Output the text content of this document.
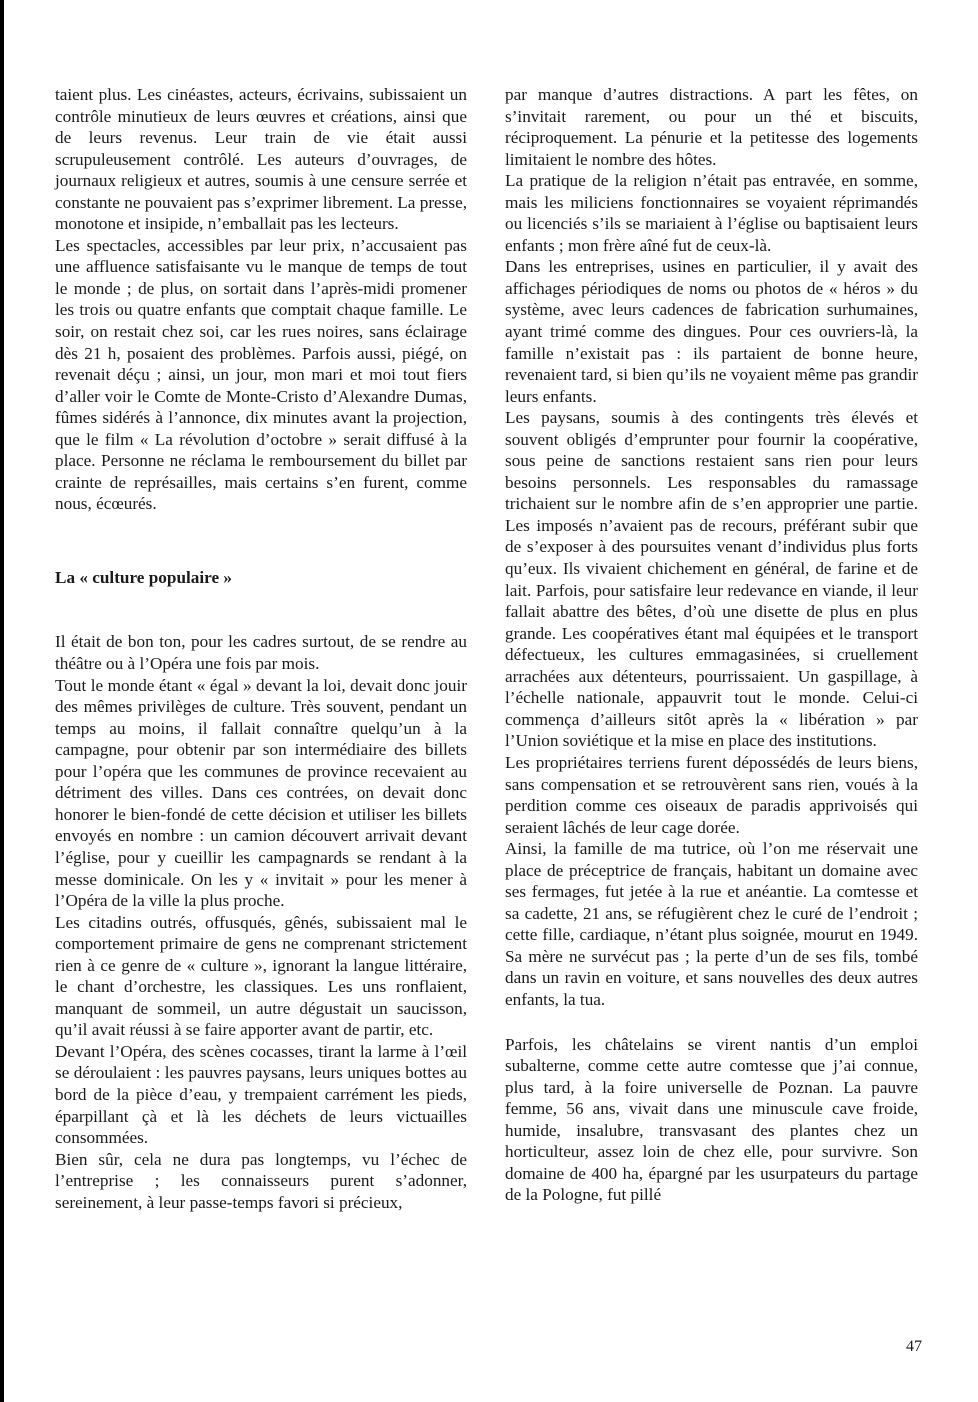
taient plus. Les cinéastes, acteurs, écrivains, subissaient un contrôle minutieux de leurs œuvres et créations, ainsi que de leurs revenus. Leur train de vie était aussi scrupuleusement contrôlé. Les auteurs d’ouvrages, de journaux religieux et autres, soumis à une censure serrée et constante ne pouvaient pas s’exprimer librement. La presse, monotone et insipide, n’emballait pas les lecteurs.

Les spectacles, accessibles par leur prix, n’accusaient pas une affluence satisfaisante vu le manque de temps de tout le monde ; de plus, on sortait dans l’après-midi promener les trois ou quatre enfants que comptait chaque famille. Le soir, on restait chez soi, car les rues noires, sans éclairage dès 21 h, posaient des problèmes. Parfois aussi, piégé, on revenait déçu ; ainsi, un jour, mon mari et moi tout fiers d’aller voir le Comte de Monte-Cristo d’Alexandre Dumas, fûmes sidérés à l’annonce, dix minutes avant la projection, que le film « La révolution d’octobre » serait diffusé à la place. Personne ne réclama le remboursement du billet par crainte de représailles, mais certains s’en furent, comme nous, écœurés.

La « culture populaire »

Il était de bon ton, pour les cadres surtout, de se rendre au théâtre ou à l’Opéra une fois par mois.

Tout le monde étant « égal » devant la loi, devait donc jouir des mêmes privilèges de culture. Très souvent, pendant un temps au moins, il fallait connaître quelqu’un à la campagne, pour obtenir par son intermédiaire des billets pour l’opéra que les communes de province recevaient au détriment des villes. Dans ces contrées, on devait donc honorer le bien-fondé de cette décision et utiliser les billets envoyés en nombre : un camion découvert arrivait devant l’église, pour y cueillir les campagnards se rendant à la messe dominicale. On les y « invitait » pour les mener à l’Opéra de la ville la plus proche.

Les citadins outrés, offusqués, gênés, subissaient mal le comportement primaire de gens ne comprenant strictement rien à ce genre de « culture », ignorant la langue littéraire, le chant d’orchestre, les classiques. Les uns ronflaient, manquant de sommeil, un autre dégustait un saucisson, qu’il avait réussi à se faire apporter avant de partir, etc.

Devant l’Opéra, des scènes cocasses, tirant la larme à l’œil se déroulaient : les pauvres paysans, leurs uniques bottes au bord de la pièce d’eau, y trempaient carrément les pieds, éparpillant çà et là les déchets de leurs victuailles consommées.

Bien sûr, cela ne dura pas longtemps, vu l’échec de l’entreprise ; les connaisseurs purent s’adonner, sereinement, à leur passe-temps favori si précieux,

par manque d’autres distractions. A part les fêtes, on s’invitait rarement, ou pour un thé et biscuits, réciproquement. La pénurie et la petitesse des logements limitaient le nombre des hôtes.

La pratique de la religion n’était pas entravée, en somme, mais les miliciens fonctionnaires se voyaient réprimandés ou licenciés s’ils se mariaient à l’église ou baptisaient leurs enfants ; mon frère aîné fut de ceux-là.

Dans les entreprises, usines en particulier, il y avait des affichages périodiques de noms ou photos de « héros » du système, avec leurs cadences de fabrication surhumaines, ayant trimé comme des dingues. Pour ces ouvriers-là, la famille n’existait pas : ils partaient de bonne heure, revenaient tard, si bien qu’ils ne voyaient même pas grandir leurs enfants.

Les paysans, soumis à des contingents très élevés et souvent obligés d’emprunter pour fournir la coopérative, sous peine de sanctions restaient sans rien pour leurs besoins personnels. Les responsables du ramassage trichaient sur le nombre afin de s’en approprier une partie. Les imposés n’avaient pas de recours, préférant subir que de s’exposer à des poursuites venant d’individus plus forts qu’eux. Ils vivaient chichement en général, de farine et de lait. Parfois, pour satisfaire leur redevance en viande, il leur fallait abattre des bêtes, d’où une disette de plus en plus grande. Les coopératives étant mal équipées et le transport défectueux, les cultures emmagasinées, si cruellement arrachées aux détenteurs, pourrissaient. Un gaspillage, à l’échelle nationale, appauvrit tout le monde. Celui-ci commença d’ailleurs sitôt après la « libération » par l’Union soviétique et la mise en place des institutions.

Les propriétaires terriens furent dépossédés de leurs biens, sans compensation et se retrouvèrent sans rien, voués à la perdition comme ces oiseaux de paradis apprivoisés qui seraient lâchés de leur cage dorée.

Ainsi, la famille de ma tutrice, où l’on me réservait une place de préceptrice de français, habitant un domaine avec ses fermages, fut jetée à la rue et anéantie. La comtesse et sa cadette, 21 ans, se réfugièrent chez le curé de l’endroit ; cette fille, cardiaque, n’étant plus soignée, mourut en 1949. Sa mère ne survécut pas ; la perte d’un de ses fils, tombé dans un ravin en voiture, et sans nouvelles des deux autres enfants, la tua.

Parfois, les châtelains se virent nantis d’un emploi subalterne, comme cette autre comtesse que j’ai connue, plus tard, à la foire universelle de Poznan. La pauvre femme, 56 ans, vivait dans une minuscule cave froide, humide, insalubre, transvasant des plantes chez un horticulteur, assez loin de chez elle, pour survivre. Son domaine de 400 ha, épargné par les usurpateurs du partage de la Pologne, fut pillé

47
